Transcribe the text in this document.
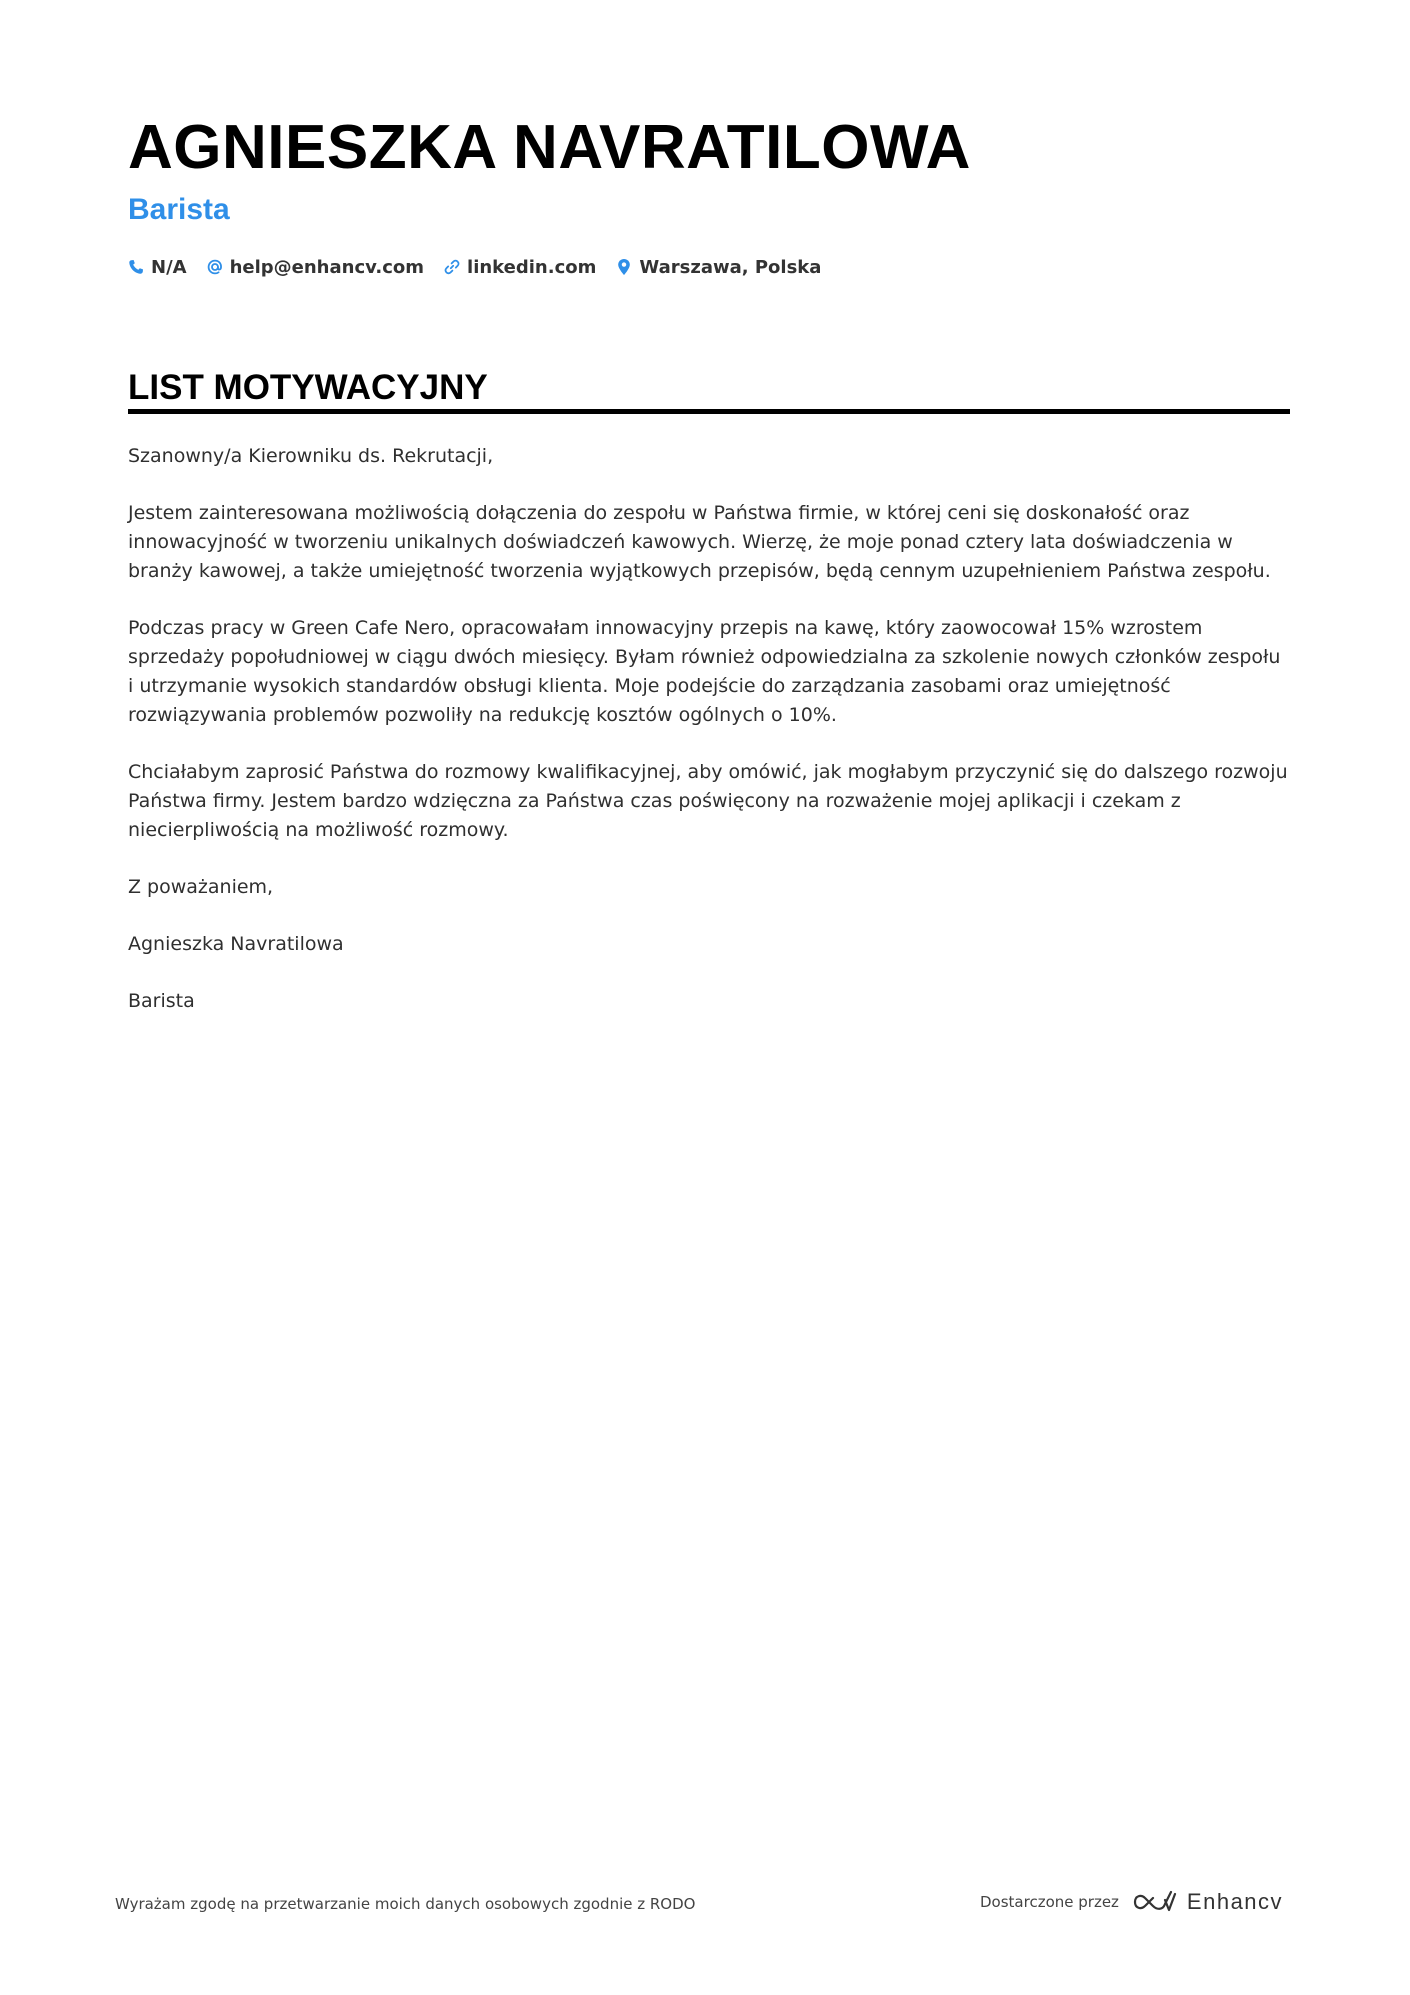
AGNIESZKA NAVRATILOWA
Barista
N/A help@enhancv.com linkedin.com Warszawa, Polska
LIST MOTYWACYJNY

Szanowny/a Kierowniku ds. Rekrutacji,

Jestem zainteresowana możliwością dołączenia do zespołu w Państwa firmie, w której ceni się doskonałość oraz innowacyjność w tworzeniu unikalnych doświadczeń kawowych. Wierzę, że moje ponad cztery lata doświadczenia w branży kawowej, a także umiejętność tworzenia wyjątkowych przepisów, będą cennym uzupełnieniem Państwa zespołu.

Podczas pracy w Green Cafe Nero, opracowałam innowacyjny przepis na kawę, który zaowocował 15% wzrostem sprzedaży popołudniowej w ciągu dwóch miesięcy. Byłam również odpowiedzialna za szkolenie nowych członków zespołu i utrzymanie wysokich standardów obsługi klienta. Moje podejście do zarządzania zasobami oraz umiejętność rozwiązywania problemów pozwoliły na redukcję kosztów ogólnych o 10%.

Chciałabym zaprosić Państwa do rozmowy kwalifikacyjnej, aby omówić, jak mogłabym przyczynić się do dalszego rozwoju Państwa firmy. Jestem bardzo wdzięczna za Państwa czas poświęcony na rozważenie mojej aplikacji i czekam z niecierpliwością na możliwość rozmowy.

Z poważaniem,

Agnieszka Navratilowa

Barista

Wyrażam zgodę na przetwarzanie moich danych osobowych zgodnie z RODO	Dostarczone przez	Enhancv
